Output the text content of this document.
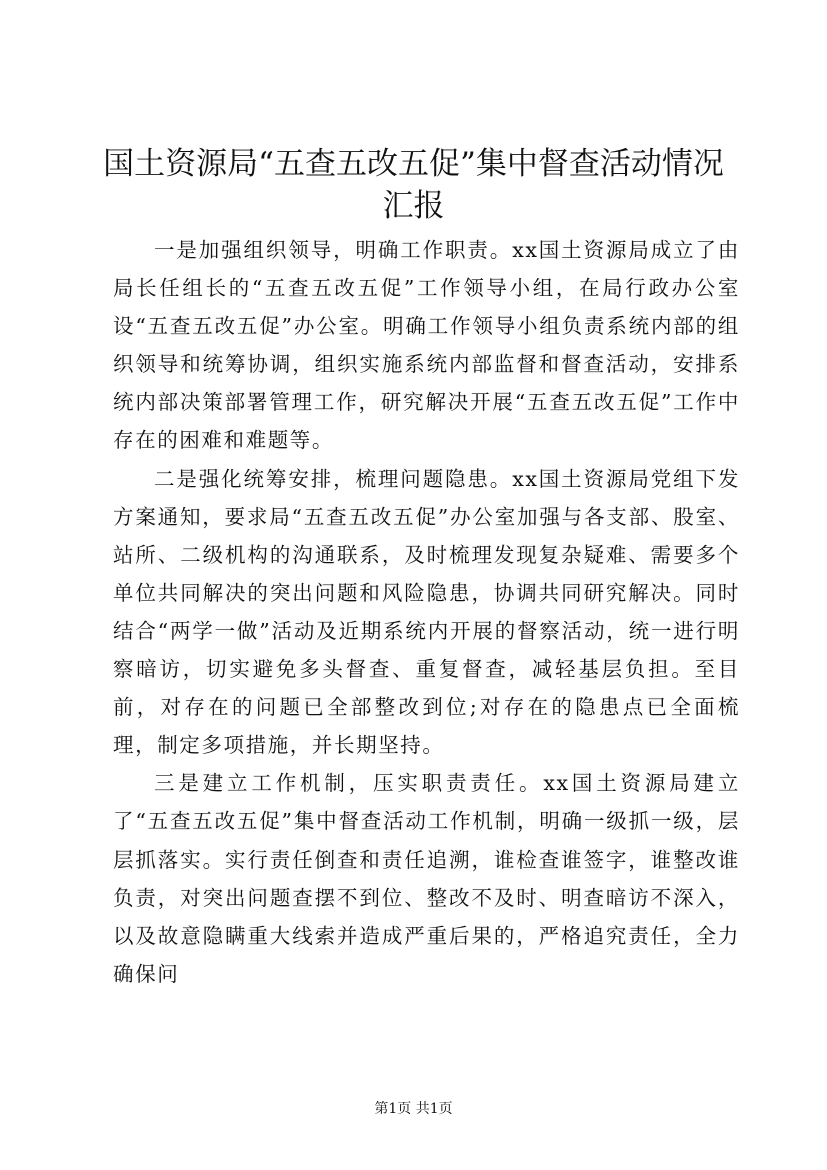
国土资源局“五查五改五促”集中督查活动情况汇报

一是加强组织领导，明确工作职责。xx国土资源局成立了由局长任组长的“五查五改五促”工作领导小组，在局行政办公室设“五查五改五促”办公室。明确工作领导小组负责系统内部的组织领导和统筹协调，组织实施系统内部监督和督查活动，安排系统内部决策部署管理工作，研究解决开展“五查五改五促”工作中存在的困难和难题等。

二是强化统筹安排，梳理问题隐患。xx国土资源局党组下发方案通知，要求局“五查五改五促”办公室加强与各支部、股室、站所、二级机构的沟通联系，及时梳理发现复杂疑难、需要多个单位共同解决的突出问题和风险隐患，协调共同研究解决。同时结合“两学一做”活动及近期系统内开展的督察活动，统一进行明察暗访，切实避免多头督查、重复督查，减轻基层负担。至目前，对存在的问题已全部整改到位;对存在的隐患点已全面梳理，制定多项措施，并长期坚持。

三是建立工作机制，压实职责责任。xx国土资源局建立了“五查五改五促”集中督查活动工作机制，明确一级抓一级，层层抓落实。实行责任倒查和责任追溯，谁检查谁签字，谁整改谁负责，对突出问题查摆不到位、整改不及时、明查暗访不深入，以及故意隐瞒重大线索并造成严重后果的，严格追究责任，全力确保问

第1页 共1页
